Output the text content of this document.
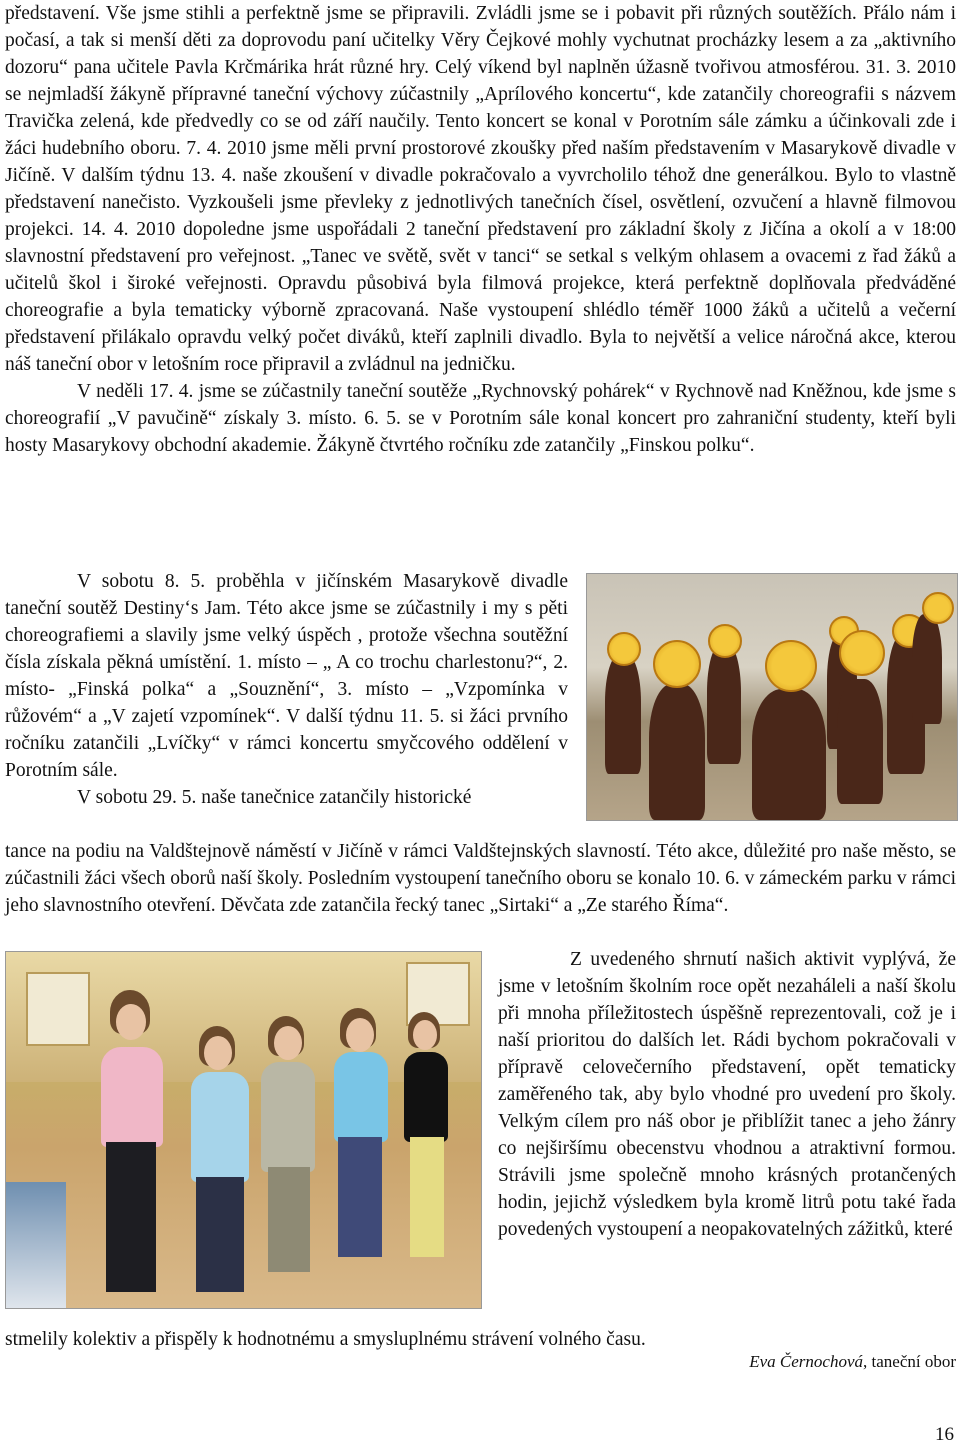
představení. Vše jsme stihli a perfektně jsme se připravili. Zvládli jsme se i pobavit při různých soutěžích. Přálo nám i počasí, a tak si menší děti za doprovodu paní učitelky Věry Čejkové mohly vychutnat procházky lesem a za „aktivního dozoru“ pana učitele Pavla Krčmárika hrát různé hry. Celý víkend byl naplněn úžasně tvořivou atmosférou. 31. 3. 2010 se nejmladší žákyně přípravné taneční výchovy zúčastnily „Aprílového koncertu“, kde zatančily choreografii s názvem Travička zelená, kde předvedly co se od září naučily. Tento koncert se konal v Porotním sále zámku a účinkovali zde i žáci hudebního oboru. 7. 4. 2010 jsme měli první prostorové zkoušky před naším představením v Masarykově divadle v Jičíně. V dalším týdnu 13. 4. naše zkoušení v divadle pokračovalo a vyvrcholilo téhož dne generálkou. Bylo to vlastně představení nanečisto. Vyzkoušeli jsme převleky z jednotlivých tanečních čísel, osvětlení, ozvučení a hlavně filmovou projekci. 14. 4. 2010 dopoledne jsme uspořádali 2 taneční představení pro základní školy z Jičína a okolí a v 18:00 slavnostní představení pro veřejnost. „Tanec ve světě, svět v tanci“ se setkal s velkým ohlasem a ovacemi z řad žáků a učitelů škol i široké veřejnosti. Opravdu působivá byla filmová projekce, která perfektně doplňovala předváděné choreografie a byla tematicky výborně zpracovaná. Naše vystoupení shlédlo téměř 1000 žáků a učitelů a večerní představení přilákalo opravdu velký počet diváků, kteří zaplnili divadlo. Byla to největší a velice náročná akce, kterou náš taneční obor v letošním roce připravil a zvládnul na jedničku.

V neděli 17. 4. jsme se zúčastnily taneční soutěže „Rychnovský pohárek“ v Rychnově nad Kněžnou, kde jsme s choreografií „V pavučině“ získaly 3. místo. 6. 5. se v Porotním sále konal koncert pro zahraniční studenty, kteří byli hosty Masarykovy obchodní akademie. Žákyně čtvrtého ročníku zde zatančily „Finskou polku“.

V sobotu 8. 5. proběhla v jičínském Masarykově divadle taneční soutěž Destiny‘s Jam. Této akce jsme se zúčastnily i my s pěti choreografiemi a slavily jsme velký úspěch , protože všechna soutěžní čísla získala pěkná umístění. 1. místo – „ A co trochu charlestonu?“, 2. místo- „Finská polka“ a „Souznění“, 3. místo – „Vzpomínka v růžovém“ a „V zajetí vzpomínek“. V další týdnu 11. 5. si žáci prvního ročníku zatančili „Lvíčky“ v rámci koncertu smyčcového oddělení v Porotním sále.

V sobotu 29. 5. naše tanečnice zatančily historické

tance na podiu na Valdštejnově náměstí v Jičíně v rámci Valdštejnských slavností. Této akce, důležité pro naše město, se zúčastnili žáci všech oborů naší školy. Posledním vystoupení tanečního oboru se konalo 10. 6. v zámeckém parku v rámci jeho slavnostního otevření. Děvčata zde zatančila řecký tanec „Sirtaki“ a „Ze starého Říma“.

Z uvedeného shrnutí našich aktivit vyplývá, že jsme v letošním školním roce opět nezaháleli a naší školu při mnoha příležitostech úspěšně reprezentovali, což je i naší prioritou do dalších let. Rádi bychom pokračovali v přípravě celovečerního představení, opět tematicky zaměřeného tak, aby bylo vhodné pro uvedení pro školy. Velkým cílem pro náš obor je přiblížit tanec a jeho žánry co nejširšímu obecenstvu vhodnou a atraktivní formou. Strávili jsme společně mnoho krásných protančených hodin, jejichž výsledkem byla kromě litrů potu také řada povedených vystoupení a neopakovatelných zážitků, které

stmelily kolektiv a přispěly k hodnotnému a smysluplnému strávení volného času.

Eva Černochová, taneční obor
16
